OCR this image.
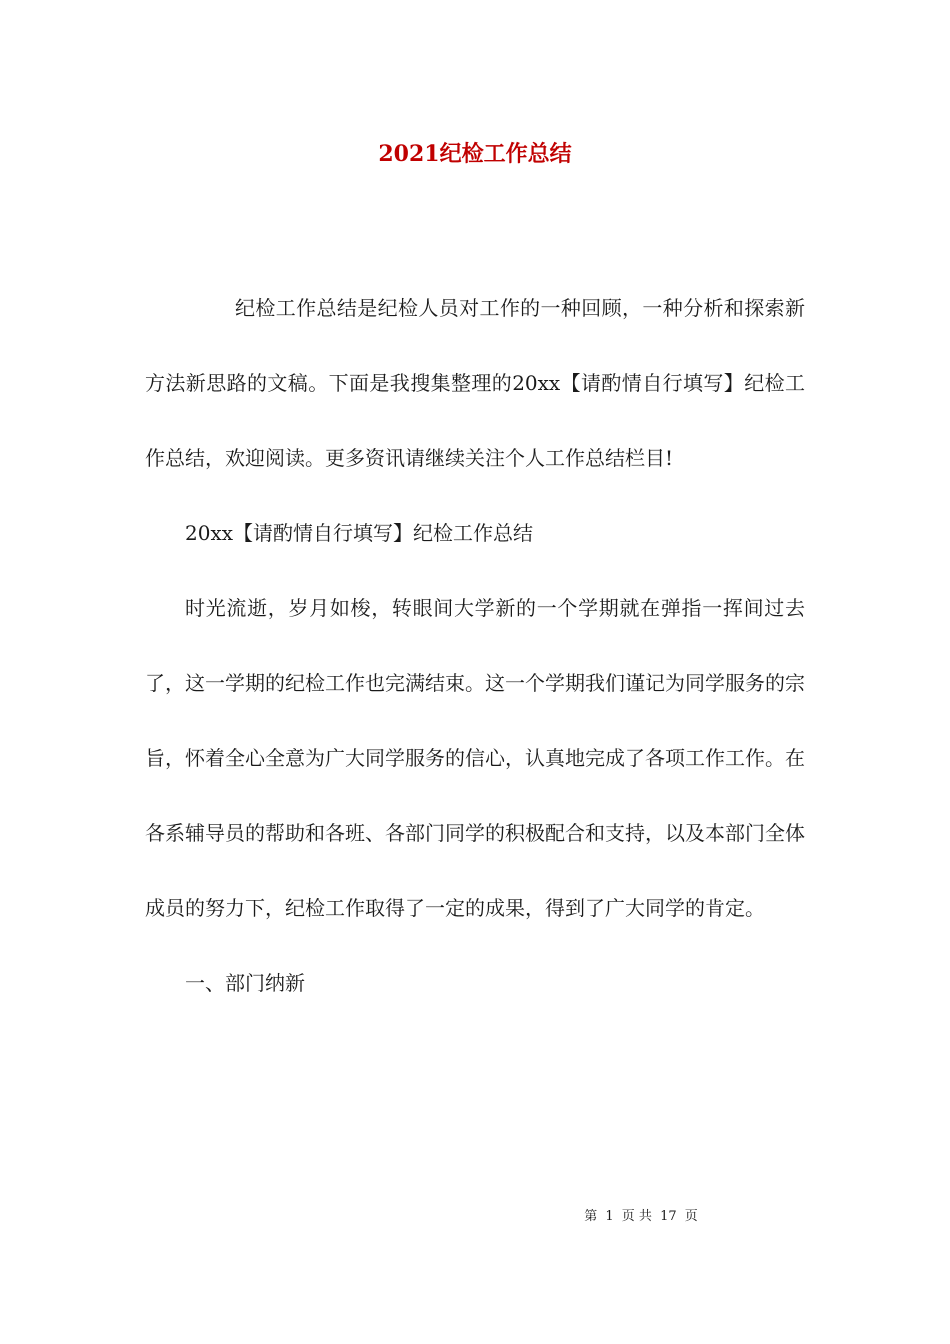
2021纪检工作总结

纪检工作总结是纪检人员对工作的一种回顾，一种分析和探索新方法新思路的文稿。下面是我搜集整理的20xx【请酌情自行填写】纪检工作总结，欢迎阅读。更多资讯请继续关注个人工作总结栏目!

20xx【请酌情自行填写】纪检工作总结

时光流逝，岁月如梭，转眼间大学新的一个学期就在弹指一挥间过去了，这一学期的纪检工作也完满结束。这一个学期我们谨记为同学服务的宗旨，怀着全心全意为广大同学服务的信心，认真地完成了各项工作工作。在各系辅导员的帮助和各班、各部门同学的积极配合和支持，以及本部门全体成员的努力下，纪检工作取得了一定的成果，得到了广大同学的肯定。

一、部门纳新

第 1 页 共 17 页
